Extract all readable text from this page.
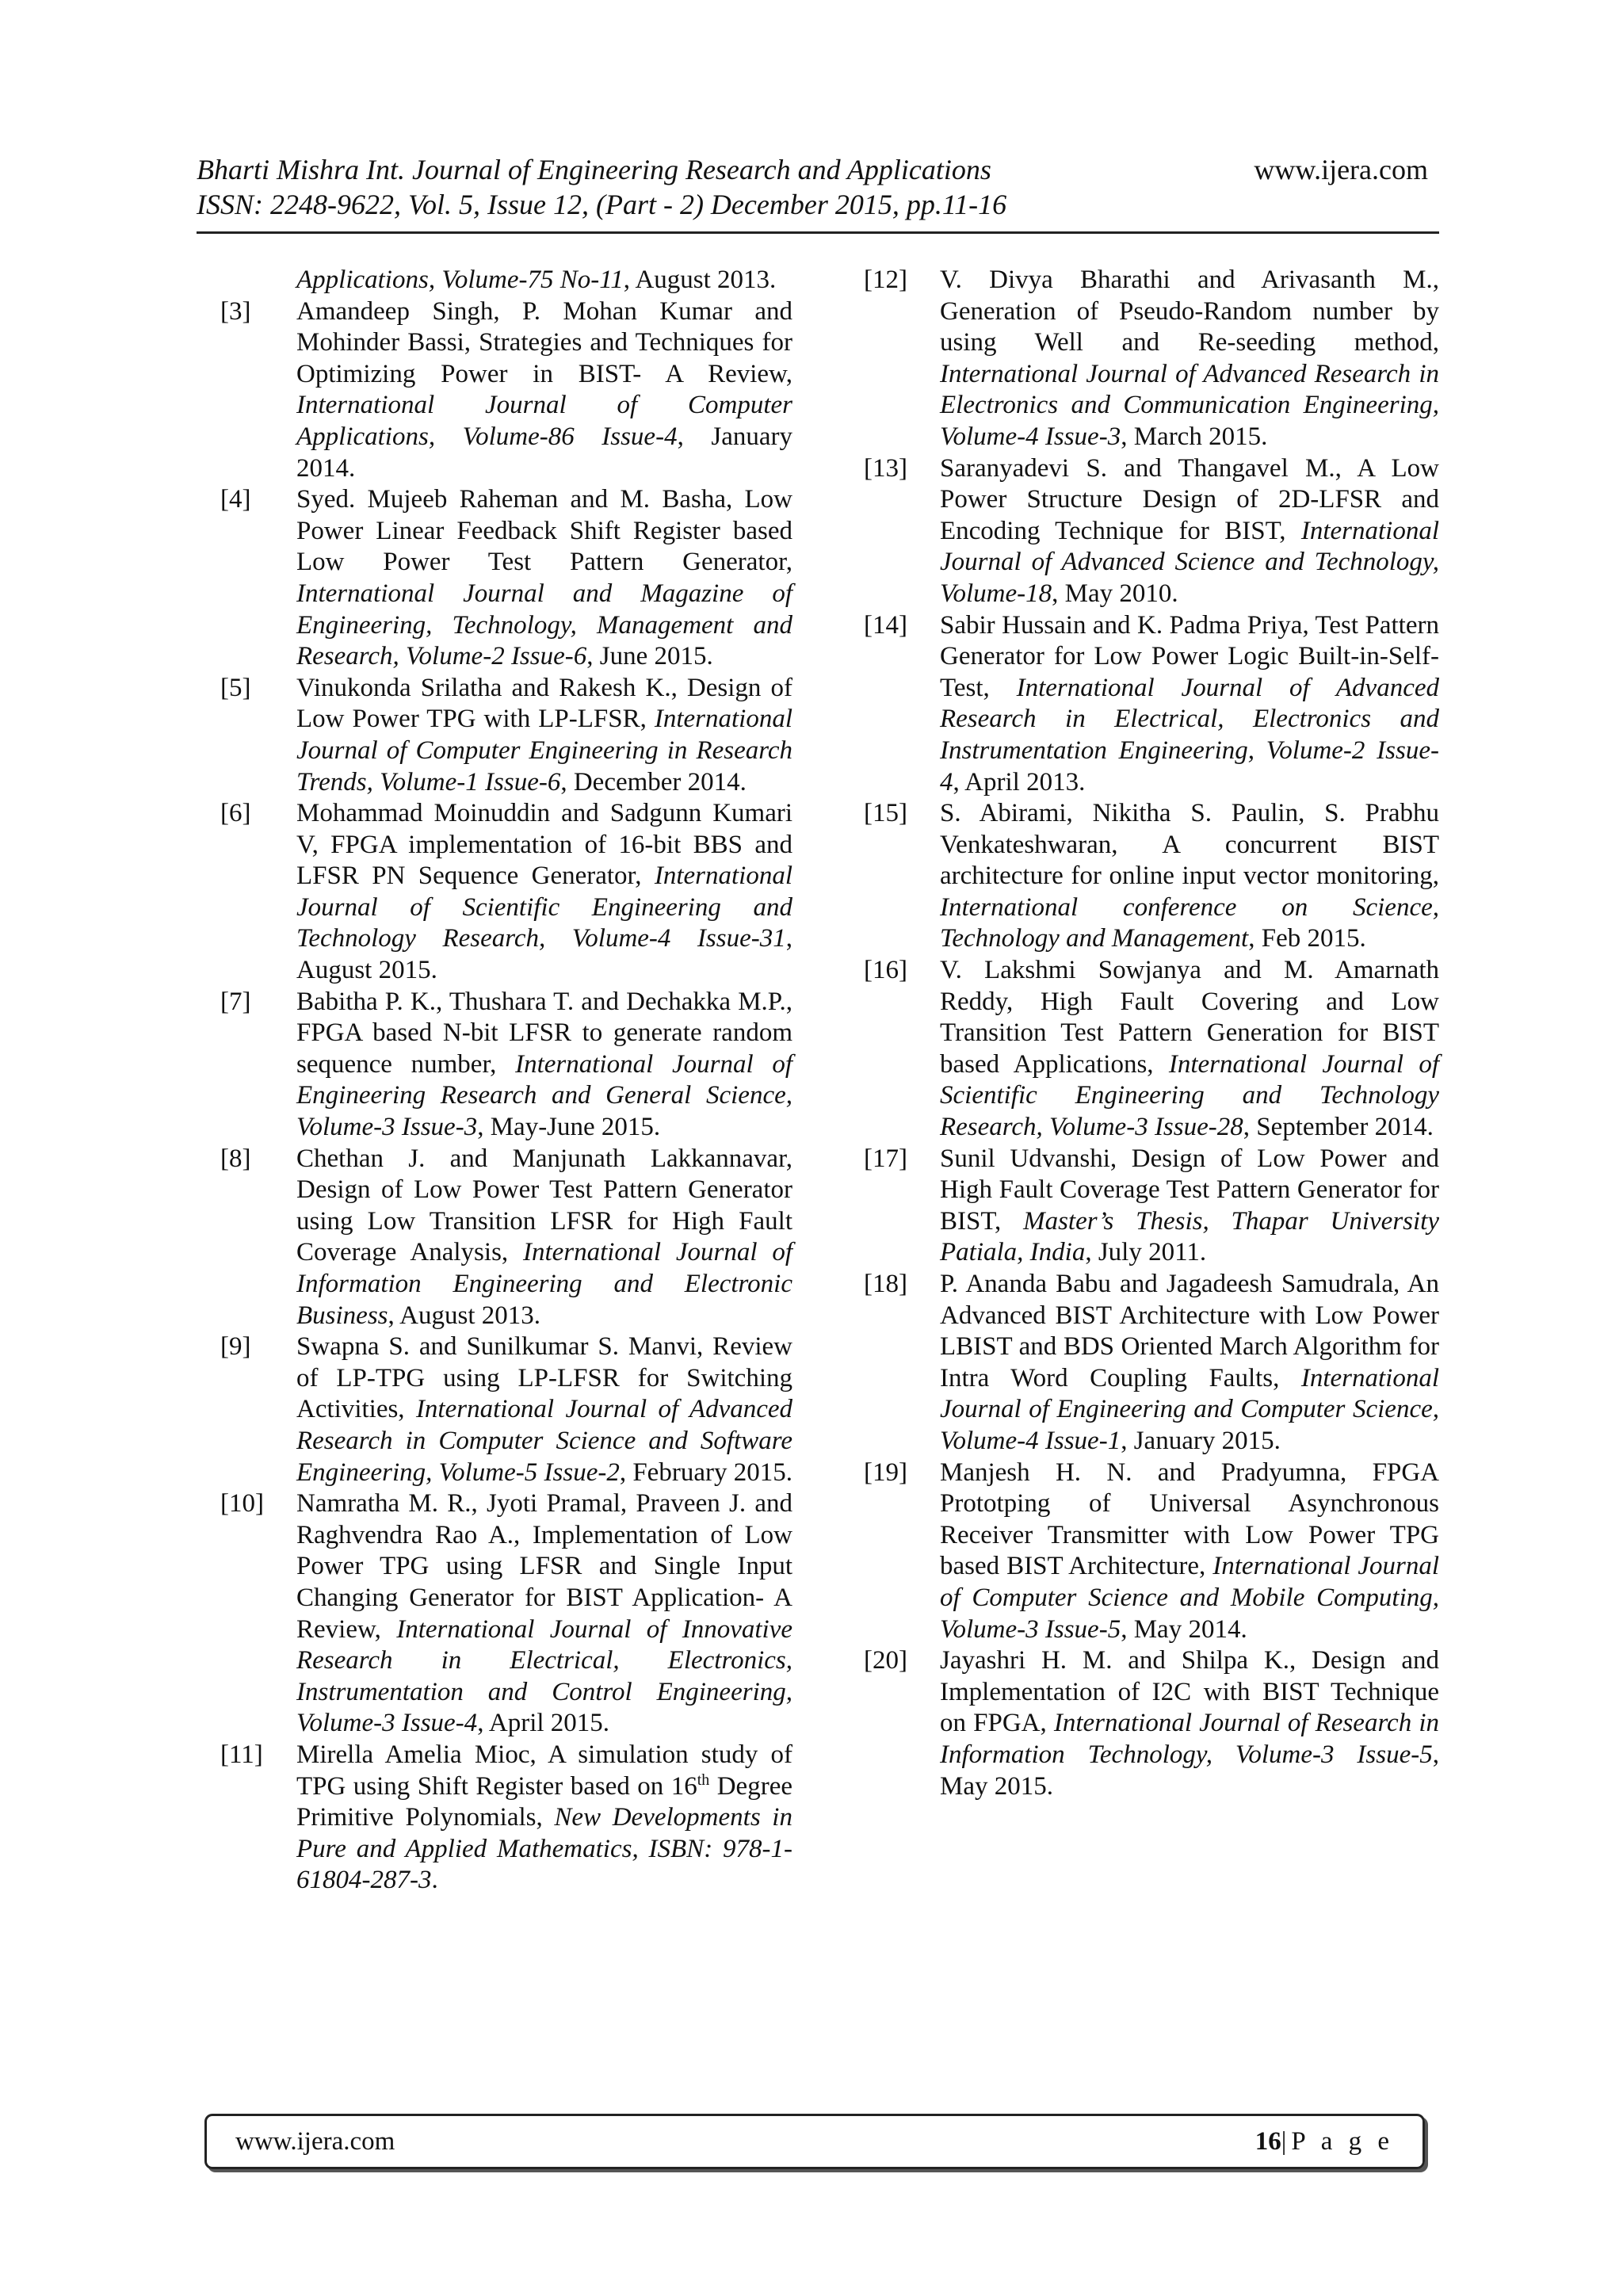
Bharti Mishra Int. Journal of Engineering Research and Applications
ISSN: 2248-9622, Vol. 5, Issue 12, (Part - 2) December 2015, pp.11-16
www.ijera.com
Applications, Volume-75 No-11, August 2013.
[3]	Amandeep Singh, P. Mohan Kumar and Mohinder Bassi, Strategies and Techniques for Optimizing Power in BIST- A Review, International Journal of Computer Applications, Volume-86 Issue-4, January 2014.
[4]	Syed. Mujeeb Raheman and M. Basha, Low Power Linear Feedback Shift Register based Low Power Test Pattern Generator, International Journal and Magazine of Engineering, Technology, Management and Research, Volume-2 Issue-6, June 2015.
[5]	Vinukonda Srilatha and Rakesh K., Design of Low Power TPG with LP-LFSR, International Journal of Computer Engineering in Research Trends, Volume-1 Issue-6, December 2014.
[6]	Mohammad Moinuddin and Sadgunn Kumari V, FPGA implementation of 16-bit BBS and LFSR PN Sequence Generator, International Journal of Scientific Engineering and Technology Research, Volume-4 Issue-31, August 2015.
[7]	Babitha P. K., Thushara T. and Dechakka M.P., FPGA based N-bit LFSR to generate random sequence number, International Journal of Engineering Research and General Science, Volume-3 Issue-3, May-June 2015.
[8]	Chethan J. and Manjunath Lakkannavar, Design of Low Power Test Pattern Generator using Low Transition LFSR for High Fault Coverage Analysis, International Journal of Information Engineering and Electronic Business, August 2013.
[9]	Swapna S. and Sunilkumar S. Manvi, Review of LP-TPG using LP-LFSR for Switching Activities, International Journal of Advanced Research in Computer Science and Software Engineering, Volume-5 Issue-2, February 2015.
[10]	Namratha M. R., Jyoti Pramal, Praveen J. and Raghvendra Rao A., Implementation of Low Power TPG using LFSR and Single Input Changing Generator for BIST Application- A Review, International Journal of Innovative Research in Electrical, Electronics, Instrumentation and Control Engineering, Volume-3 Issue-4, April 2015.
[11]	Mirella Amelia Mioc, A simulation study of TPG using Shift Register based on 16th Degree Primitive Polynomials, New Developments in Pure and Applied Mathematics, ISBN: 978-1-61804-287-3.
[12]	V. Divya Bharathi and Arivasanth M., Generation of Pseudo-Random number by using Well and Re-seeding method, International Journal of Advanced Research in Electronics and Communication Engineering, Volume-4 Issue-3, March 2015.
[13]	Saranyadevi S. and Thangavel M., A Low Power Structure Design of 2D-LFSR and Encoding Technique for BIST, International Journal of Advanced Science and Technology, Volume-18, May 2010.
[14]	Sabir Hussain and K. Padma Priya, Test Pattern Generator for Low Power Logic Built-in-Self-Test, International Journal of Advanced Research in Electrical, Electronics and Instrumentation Engineering, Volume-2 Issue-4, April 2013.
[15]	S. Abirami, Nikitha S. Paulin, S. Prabhu Venkateshwaran, A concurrent BIST architecture for online input vector monitoring, International conference on Science, Technology and Management, Feb 2015.
[16]	V. Lakshmi Sowjanya and M. Amarnath Reddy, High Fault Covering and Low Transition Test Pattern Generation for BIST based Applications, International Journal of Scientific Engineering and Technology Research, Volume-3 Issue-28, September 2014.
[17]	Sunil Udvanshi, Design of Low Power and High Fault Coverage Test Pattern Generator for BIST, Master’s Thesis, Thapar University Patiala, India, July 2011.
[18]	P. Ananda Babu and Jagadeesh Samudrala, An Advanced BIST Architecture with Low Power LBIST and BDS Oriented March Algorithm for Intra Word Coupling Faults, International Journal of Engineering and Computer Science, Volume-4 Issue-1, January 2015.
[19]	Manjesh H. N. and Pradyumna, FPGA Prototping of Universal Asynchronous Receiver Transmitter with Low Power TPG based BIST Architecture, International Journal of Computer Science and Mobile Computing, Volume-3 Issue-5, May 2014.
[20]	Jayashri H. M. and Shilpa K., Design and Implementation of I2C with BIST Technique on FPGA, International Journal of Research in Information Technology, Volume-3 Issue-5, May 2015.
www.ijera.com	16|P a g e
